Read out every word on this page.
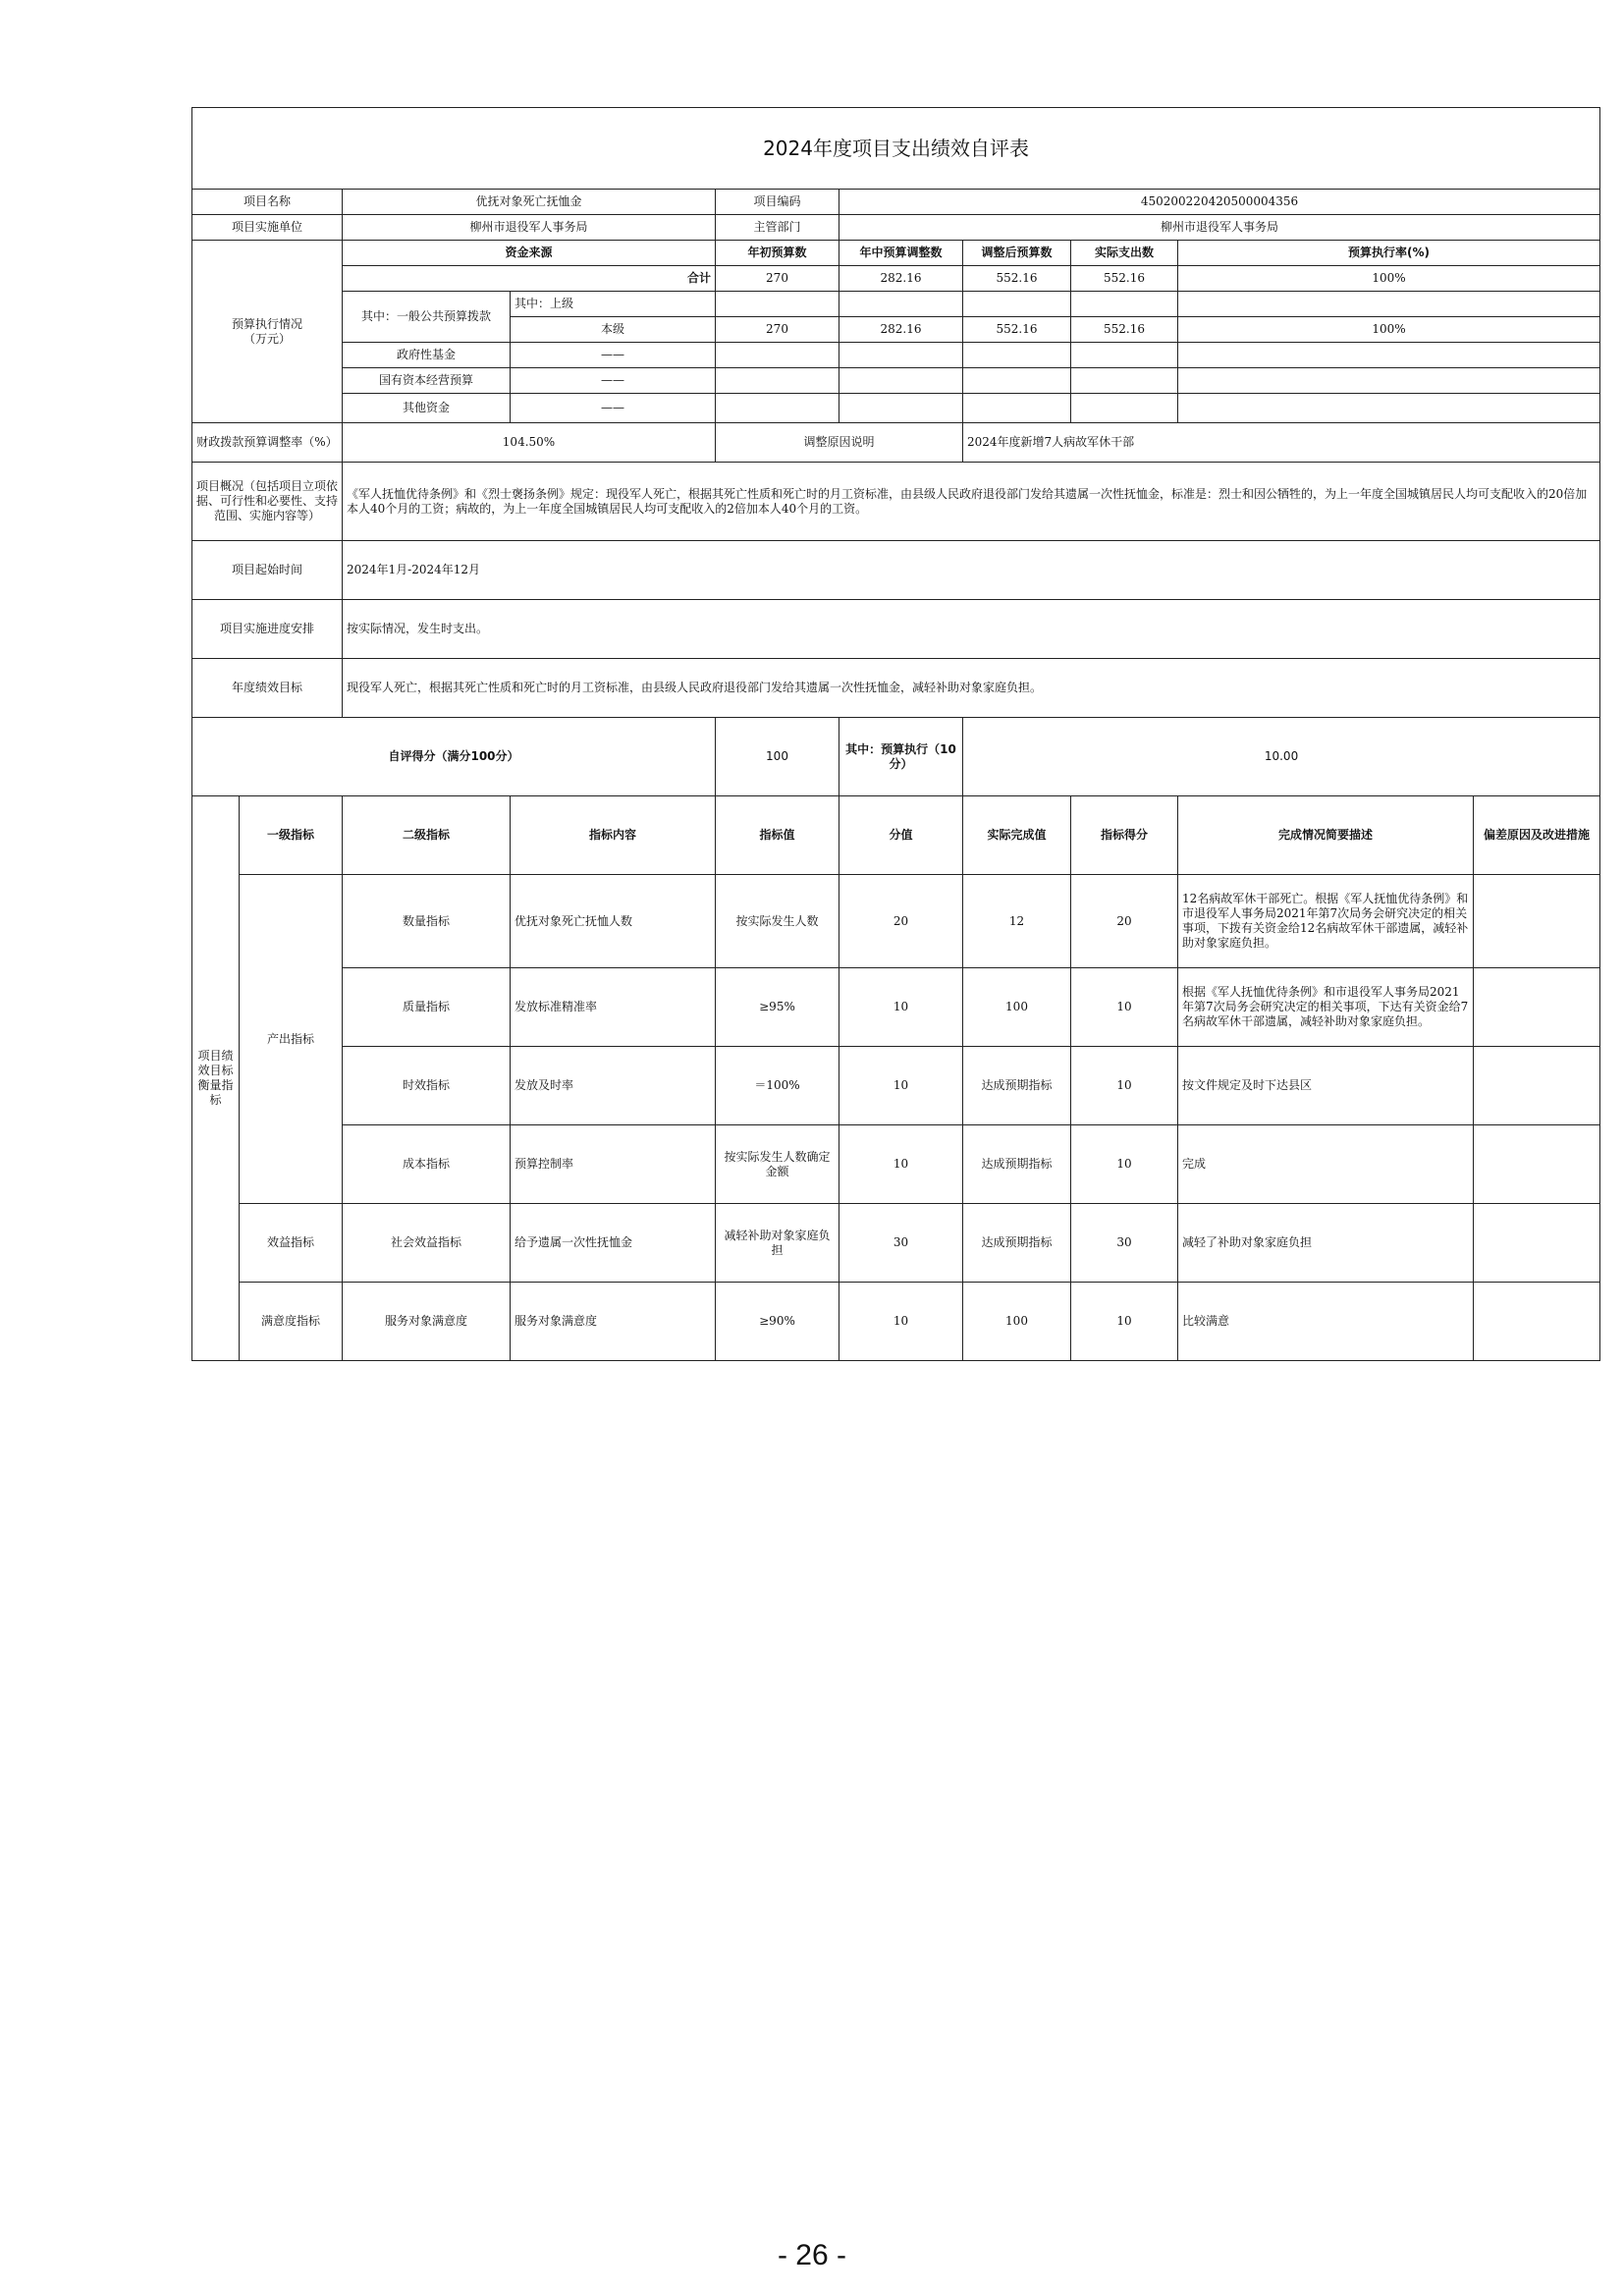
2024年度项目支出绩效自评表									
项目名称		优抚对象死亡抚恤金		项目编码	450200220420500004356				
项目实施单位		柳州市退役军人事务局		主管部门	柳州市退役军人事务局				
预算执行情况
（万元）		资金来源		年初预算数	年中预算调整数	调整后预算数	实际支出数	预算执行率(%)	
		合计		270	282.16	552.16	552.16	100%	
		其中：一般公共预算拨款	其中：上级						
			本级	270	282.16	552.16	552.16	100%	
		政府性基金	——						
		国有资本经营预算	——						
		其他资金	——						
财政拨款预算调整率（%）		104.50%		调整原因说明		2024年度新增7人病故军休干部			
项目概况（包括项目立项依据、可行性和必要性、支持范围、实施内容等）		《军人抚恤优待条例》和《烈士褒扬条例》规定：现役军人死亡，根据其死亡性质和死亡时的月工资标准，由县级人民政府退役部门发给其遗属一次性抚恤金，标准是：烈士和因公牺牲的，为上一年度全国城镇居民人均可支配收入的20倍加本人40个月的工资；病故的，为上一年度全国城镇居民人均可支配收入的2倍加本人40个月的工资。							
项目起始时间		2024年1月-2024年12月							
项目实施进度安排		按实际情况，发生时支出。							
年度绩效目标		现役军人死亡，根据其死亡性质和死亡时的月工资标准，由县级人民政府退役部门发给其遗属一次性抚恤金，减轻补助对象家庭负担。							
自评得分（满分100分）				100	其中：预算执行（10分）	10.00			
项目绩效目标衡量指标	一级指标	二级指标	指标内容	指标值	分值	实际完成值	指标得分	完成情况简要描述	偏差原因及改进措施
	产出指标	数量指标	优抚对象死亡抚恤人数	按实际发生人数	20	12	20	12名病故军休干部死亡。根据《军人抚恤优待条例》和市退役军人事务局2021年第7次局务会研究决定的相关事项，下拨有关资金给12名病故军休干部遗属，减轻补助对象家庭负担。	
		质量指标	发放标准精准率	≥95%	10	100	10	根据《军人抚恤优待条例》和市退役军人事务局2021年第7次局务会研究决定的相关事项，下达有关资金给7名病故军休干部遗属，减轻补助对象家庭负担。	
		时效指标	发放及时率	＝100%	10	达成预期指标	10	按文件规定及时下达县区	
		成本指标	预算控制率	按实际发生人数确定金额	10	达成预期指标	10	完成	
	效益指标	社会效益指标	给予遗属一次性抚恤金	减轻补助对象家庭负担	30	达成预期指标	30	减轻了补助对象家庭负担	
	满意度指标	服务对象满意度	服务对象满意度	≥90%	10	100	10	比较满意	
- 26 -
